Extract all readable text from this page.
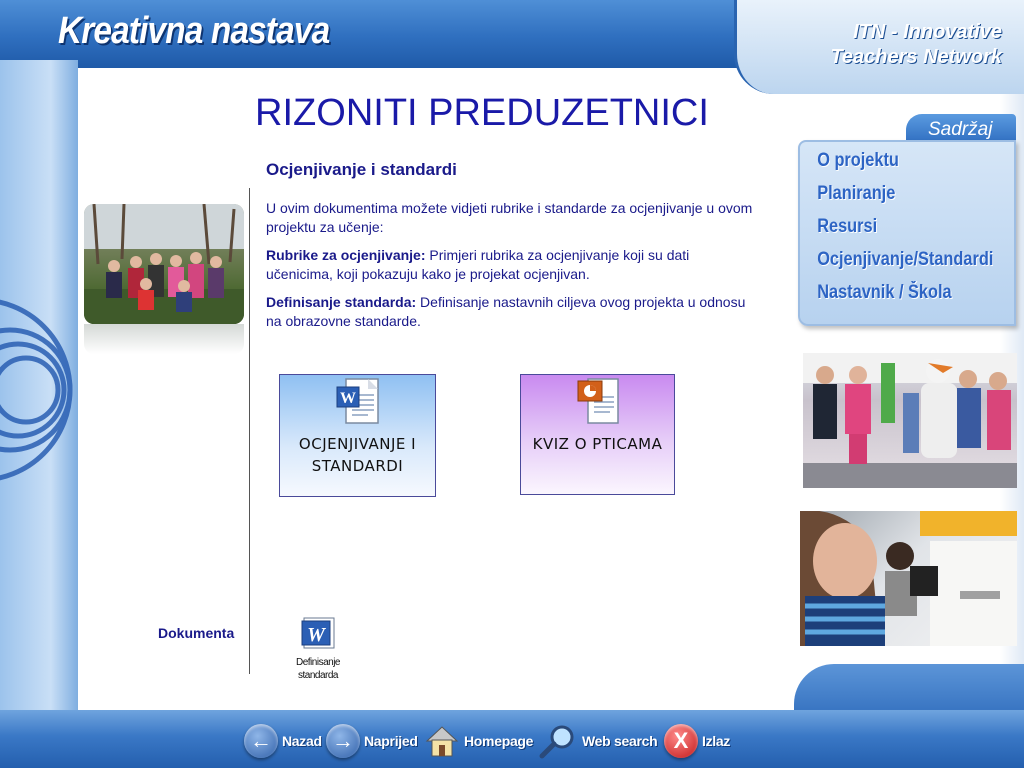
Kreativna nastava	ITN - Innovative
Teachers Network
RIZONITI PREDUZETNICI	Sadržaj
O projektu
Planiranje
Resursi
Ocjenjivanje/Standardi
Nastavnik / Škola
Ocjenjivanje i standardi

U ovim dokumentima možete vidjeti rubrike i standarde za ocjenjivanje u ovom projektu za učenje:

Rubrike za ocjenjivanje: Primjeri rubrika za ocjenjivanje koji su dati učenicima, koji pokazuju kako je projekat ocjenjivan.

Definisanje standarda: Definisanje nastavnih ciljeva ovog projekta u odnosu na obrazovne standarde.

W
OCJENJIVANJE I
STANDARDI
KVIZ O PTICAMA
Dokumenta	W
Definisanje
standarda
← Nazad → Naprijed	Homepage	Web search X Izlaz
